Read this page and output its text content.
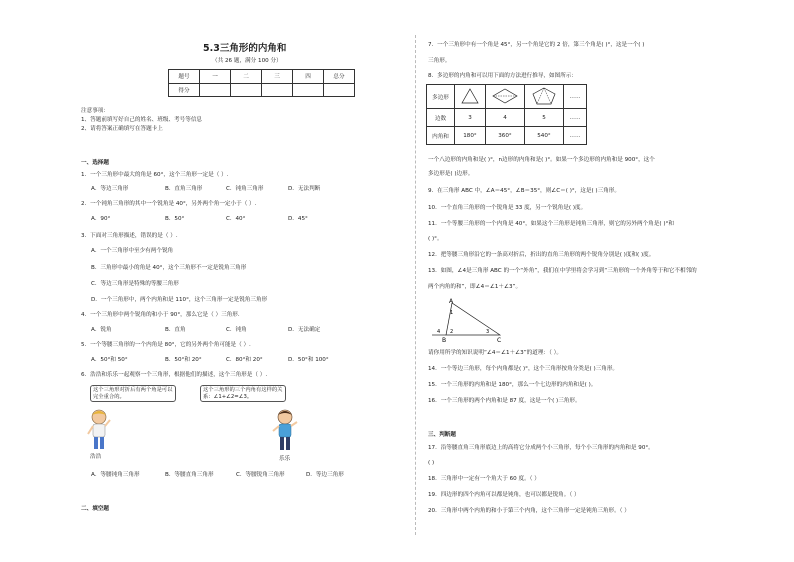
5.3三角形的内角和
（共 26 题，满分 100 分）
题号	一	二	三	四	总分
得分					
注意事项：
1、答题前填写好自己的姓名、班级、考号等信息
2、请将答案正确填写在答题卡上
一、选择题
1．一个三角形中最大的角是 60°，这个三角形一定是（ ）.
A．等边三角形	B．直角三角形	C．钝角三角形	D．无法判断
2．一个钝角三角形的其中一个锐角是 40°，另外两个角一定小于（ ）.
A．90°	B．50°	C．40°	D．45°
3．下面对三角形描述，错误的是（ ）.
A．一个三角形中至少有两个锐角
B．三角形中最小的角是 40°，这个三角形不一定是锐角三角形
C．等边三角形是特殊的等腰三角形
D．一个三角形中，两个内角和是 110°，这个三角形一定是锐角三角形
4．一个三角形中两个锐角的和小于 90°，那么它是（ ）三角形.
A．锐角	B．直角	C．钝角	D．无法确定
5．一个等腰三角形的一个内角是 80°，它的另外两个角可能是（ ）.
A．50°和 50°	B．50°和 20°	C．80°和 20°	D．50°和 100°
6．浩浩和乐乐一起观察一个三角形，根据他们的描述，这个三角形是（ ）.
这个三角形对折后有两个角是可以完全重合的。
这个三角形的三个内角有这样的关系：∠1+∠2=∠3。
浩浩	乐乐
A．等腰钝角三角形	B．等腰直角三角形	C．等腰锐角三角形	D．等边三角形
二、填空题
7．一个三角形中有一个角是 45°，另一个角是它的 2 倍，第三个角是( )°，这是一个( )
三角形。
8．多边形的内角和可以用下面的方法进行推导，如图所示：
多边形				……
边数	3	4	5	……
内角和	180°	360°	540°	……
一个八边形的内角和是( )°，n边形的内角和是( )°。如果一个多边形的内角和是 900°，这个
多边形是( )边形。
9．在三角形 ABC 中，∠A＝45°，∠B＝35°，则∠C＝( )°，这是( )三角形。
10．一个直角三角形的一个锐角是 33 度，另一个锐角是( )度。
11．一个等腰三角形的一个内角是 40°，如果这个三角形是钝角三角形，则它的另外两个角是( )°和
( )°。
12．把等腰三角形沿它的一条高对折后，折出的直角三角形的两个锐角分别是( )度和( )度。
13．如图，∠4是三角形 ABC 的一个“外角”，我们在中学里将会学习到“三角形的一个外角等于和它不相邻的
两个内角的和”，即∠4＝∠1＋∠3”。
A
B	C
1
2	3
4
请你用所学的知识说明“∠4＝∠1＋∠3”的道理：（ ）。
14．一个等边三角形，每个内角都是( )°，这个三角形按角分类是( )三角形。
15．一个三角形的内角和是 180°，那么一个七边形的内角和是( )。
16．一个三角形的两个内角和是 87 度，这是一个( )三角形。
三、判断题
17．沿等腰直角三角形底边上的高将它分成两个小三角形，每个小三角形的内角和是 90°。
( )
18．三角形中一定有一个角大于 60 度。（ ）
19．四边形的四个内角可以都是钝角，也可以都是锐角。（ ）
20．三角形中两个内角的和小于第三个内角，这个三角形一定是钝角三角形。（ ）
